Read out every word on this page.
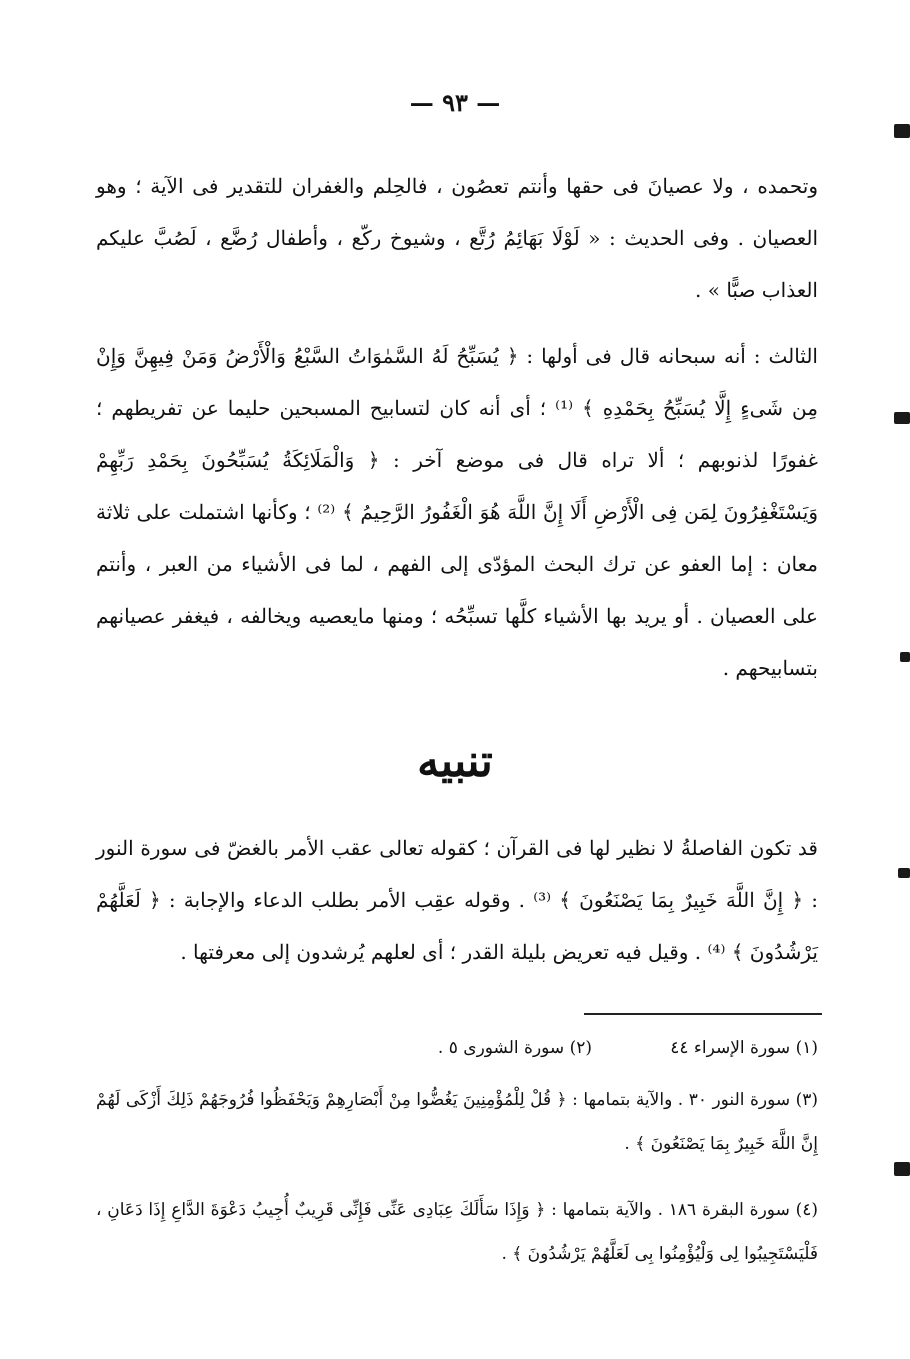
— ٩٣ —
وتحمده ، ولا عصيانَ فى حقها وأنتم تعصُون ، فالحِلم والغفران للتقدير فى الآية ؛ وهو العصيان . وفى الحديث : « لَوْلَا بَهَائِمُ رُتَّع ، وشيوخ ركّع ، وأطفال رُضَّع ، لَصُبَّ عليكم العذاب صبًّا » .
الثالث : أنه سبحانه قال فى أولها : ﴿ يُسَبِّحُ لَهُ السَّمٰوَاتُ السَّبْعُ وَالْأَرْضُ وَمَنْ فِيهِنَّ وَإِنْ مِن شَىءٍ إِلَّا يُسَبِّحُ بِحَمْدِهِ ﴾ ⁽¹⁾ ؛ أى أنه كان لتسابيح المسبحين حليما عن تفريطهم ؛ غفورًا لذنوبهم ؛ ألا تراه قال فى موضع آخر : ﴿ وَالْمَلَائِكَةُ يُسَبِّحُونَ بِحَمْدِ رَبِّهِمْ وَيَسْتَغْفِرُونَ لِمَن فِى الْأَرْضِ أَلَا إِنَّ اللَّهَ هُوَ الْغَفُورُ الرَّحِيمُ ﴾ ⁽²⁾ ؛ وكأنها اشتملت على ثلاثة معان : إما العفو عن ترك البحث المؤدّى إلى الفهم ، لما فى الأشياء من العبر ، وأنتم على العصيان . أو يريد بها الأشياء كلَّها تسبِّحُه ؛ ومنها مايعصيه ويخالفه ، فيغفر عصيانهم بتسابيحهم .
تنبيه
قد تكون الفاصلةُ لا نظير لها فى القرآن ؛ كقوله تعالى عقب الأمر بالغضّ فى سورة النور : ﴿ إِنَّ اللَّهَ خَبِيرٌ بِمَا يَصْنَعُونَ ﴾ ⁽³⁾ . وقوله عقِب الأمر بطلب الدعاء والإجابة : ﴿ لَعَلَّهُمْ يَرْشُدُونَ ﴾ ⁽⁴⁾ . وقيل فيه تعريض بليلة القدر ؛ أى لعلهم يُرشدون إلى معرفتها .
(١) سورة الإسراء ٤٤
(٢) سورة الشورى ٥ .
(٣) سورة النور ٣٠ . والآية بتمامها : ﴿ قُلْ لِلْمُؤْمِنِينَ يَغُضُّوا مِنْ أَبْصَارِهِمْ وَيَحْفَظُوا فُرُوجَهُمْ ذَلِكَ أَزْكَى لَهُمْ إِنَّ اللَّهَ خَبِيرٌ بِمَا يَصْنَعُونَ ﴾ .
(٤) سورة البقرة ١٨٦ . والآية بتمامها : ﴿ وَإِذَا سَأَلَكَ عِبَادِى عَنِّى فَإِنِّى قَرِيبٌ أُجِيبُ دَعْوَةَ الدَّاعِ إِذَا دَعَانِ ، فَلْيَسْتَجِيبُوا لِى وَلْيُؤْمِنُوا بِى لَعَلَّهُمْ يَرْشُدُونَ ﴾ .
